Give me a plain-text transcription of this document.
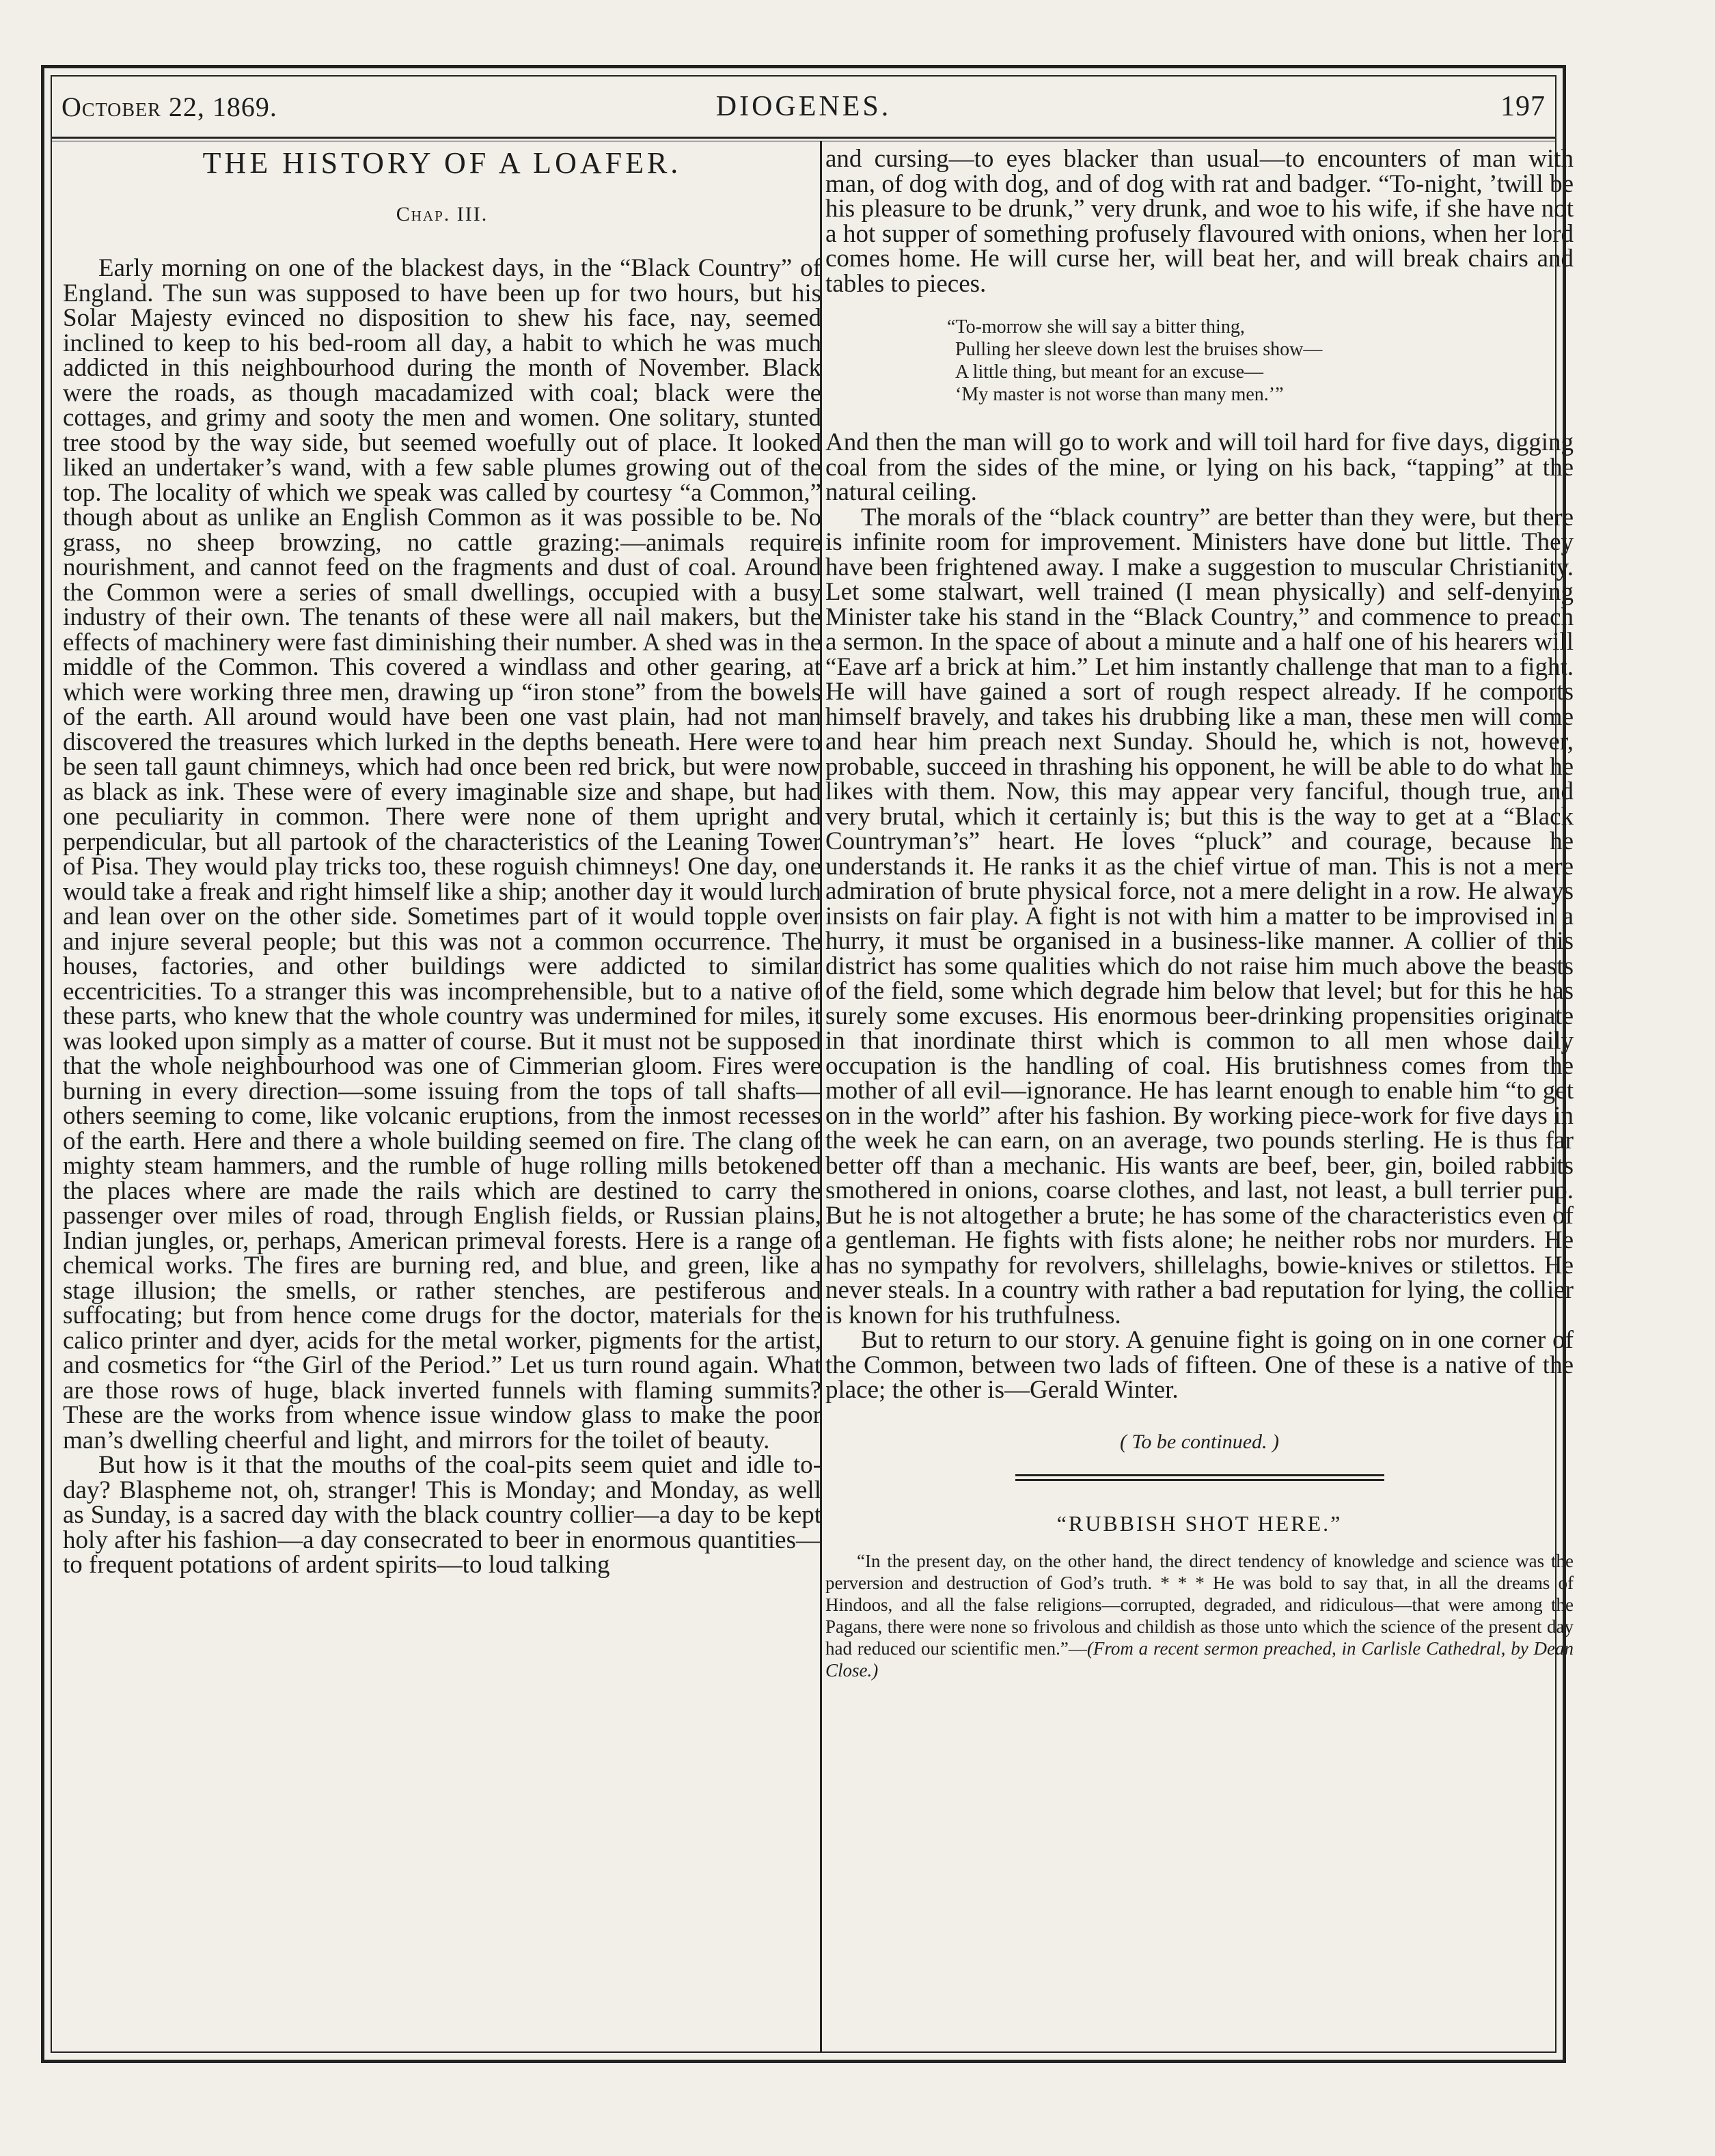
October 22, 1869.	DIOGENES.	197
THE HISTORY OF A LOAFER.
Chap. III.

Early morning on one of the blackest days, in the “Black Country” of England. The sun was supposed to have been up for two hours, but his Solar Majesty evinced no disposition to shew his face, nay, seemed inclined to keep to his bed-room all day, a habit to which he was much addicted in this neighbourhood during the month of November. Black were the roads, as though macadamized with coal; black were the cottages, and grimy and sooty the men and women. One solitary, stunted tree stood by the way side, but seemed woefully out of place. It looked liked an undertaker’s wand, with a few sable plumes growing out of the top. The locality of which we speak was called by courtesy “a Common,” though about as unlike an English Common as it was possible to be. No grass, no sheep browzing, no cattle grazing:—animals require nourishment, and cannot feed on the fragments and dust of coal. Around the Common were a series of small dwellings, occupied with a busy industry of their own. The tenants of these were all nail makers, but the effects of machinery were fast diminishing their number. A shed was in the middle of the Common. This covered a windlass and other gearing, at which were working three men, drawing up “iron stone” from the bowels of the earth. All around would have been one vast plain, had not man discovered the treasures which lurked in the depths beneath. Here were to be seen tall gaunt chimneys, which had once been red brick, but were now as black as ink. These were of every imaginable size and shape, but had one peculiarity in common. There were none of them upright and perpendicular, but all partook of the characteristics of the Leaning Tower of Pisa. They would play tricks too, these roguish chimneys! One day, one would take a freak and right himself like a ship; another day it would lurch and lean over on the other side. Sometimes part of it would topple over and injure several people; but this was not a common occurrence. The houses, factories, and other buildings were addicted to similar eccentricities. To a stranger this was incomprehensible, but to a native of these parts, who knew that the whole country was undermined for miles, it was looked upon simply as a matter of course. But it must not be supposed that the whole neighbourhood was one of Cimmerian gloom. Fires were burning in every direction—some issuing from the tops of tall shafts—others seeming to come, like volcanic eruptions, from the inmost recesses of the earth. Here and there a whole building seemed on fire. The clang of mighty steam hammers, and the rumble of huge rolling mills betokened the places where are made the rails which are destined to carry the passenger over miles of road, through English fields, or Russian plains, Indian jungles, or, perhaps, American primeval forests. Here is a range of chemical works. The fires are burning red, and blue, and green, like a stage illusion; the smells, or rather stenches, are pestiferous and suffocating; but from hence come drugs for the doctor, materials for the calico printer and dyer, acids for the metal worker, pigments for the artist, and cosmetics for “the Girl of the Period.” Let us turn round again. What are those rows of huge, black inverted funnels with flaming summits? These are the works from whence issue window glass to make the poor man’s dwelling cheerful and light, and mirrors for the toilet of beauty.

But how is it that the mouths of the coal-pits seem quiet and idle to-day? Blaspheme not, oh, stranger! This is Monday; and Monday, as well as Sunday, is a sacred day with the black country collier—a day to be kept holy after his fashion—a day consecrated to beer in enormous quantities—to frequent potations of ardent spirits—to loud talking

and cursing—to eyes blacker than usual—to encounters of man with man, of dog with dog, and of dog with rat and badger. “To-night, ’twill be his pleasure to be drunk,” very drunk, and woe to his wife, if she have not a hot supper of something profusely flavoured with onions, when her lord comes home. He will curse her, will beat her, and will break chairs and tables to pieces.

“To-morrow she will say a bitter thing,
Pulling her sleeve down lest the bruises show—
A little thing, but meant for an excuse—
‘My master is not worse than many men.’”

And then the man will go to work and will toil hard for five days, digging coal from the sides of the mine, or lying on his back, “tapping” at the natural ceiling.

The morals of the “black country” are better than they were, but there is infinite room for improvement. Ministers have done but little. They have been frightened away. I make a suggestion to muscular Christianity. Let some stalwart, well trained (I mean physically) and self-denying Minister take his stand in the “Black Country,” and commence to preach a sermon. In the space of about a minute and a half one of his hearers will “Eave arf a brick at him.” Let him instantly challenge that man to a fight. He will have gained a sort of rough respect already. If he comports himself bravely, and takes his drubbing like a man, these men will come and hear him preach next Sunday. Should he, which is not, however, probable, succeed in thrashing his opponent, he will be able to do what he likes with them. Now, this may appear very fanciful, though true, and very brutal, which it certainly is; but this is the way to get at a “Black Countryman’s” heart. He loves “pluck” and courage, because he understands it. He ranks it as the chief virtue of man. This is not a mere admiration of brute physical force, not a mere delight in a row. He always insists on fair play. A fight is not with him a matter to be improvised in a hurry, it must be organised in a business-like manner. A collier of this district has some qualities which do not raise him much above the beasts of the field, some which degrade him below that level; but for this he has surely some excuses. His enormous beer-drinking propensities originate in that inordinate thirst which is common to all men whose daily occupation is the handling of coal. His brutishness comes from the mother of all evil—ignorance. He has learnt enough to enable him “to get on in the world” after his fashion. By working piece-work for five days in the week he can earn, on an average, two pounds sterling. He is thus far better off than a mechanic. His wants are beef, beer, gin, boiled rabbits smothered in onions, coarse clothes, and last, not least, a bull terrier pup. But he is not altogether a brute; he has some of the characteristics even of a gentleman. He fights with fists alone; he neither robs nor murders. He has no sympathy for revolvers, shillelaghs, bowie-knives or stilettos. He never steals. In a country with rather a bad reputation for lying, the collier is known for his truthfulness.

But to return to our story. A genuine fight is going on in one corner of the Common, between two lads of fifteen. One of these is a native of the place; the other is—Gerald Winter.

( To be continued. )
“RUBBISH SHOT HERE.”

“In the present day, on the other hand, the direct tendency of knowledge and science was the perversion and destruction of God’s truth. * * * He was bold to say that, in all the dreams of Hindoos, and all the false religions—corrupted, degraded, and ridiculous—that were among the Pagans, there were none so frivolous and childish as those unto which the science of the present day had reduced our scientific men.”—(From a recent sermon preached, in Carlisle Cathedral, by Dean Close.)
